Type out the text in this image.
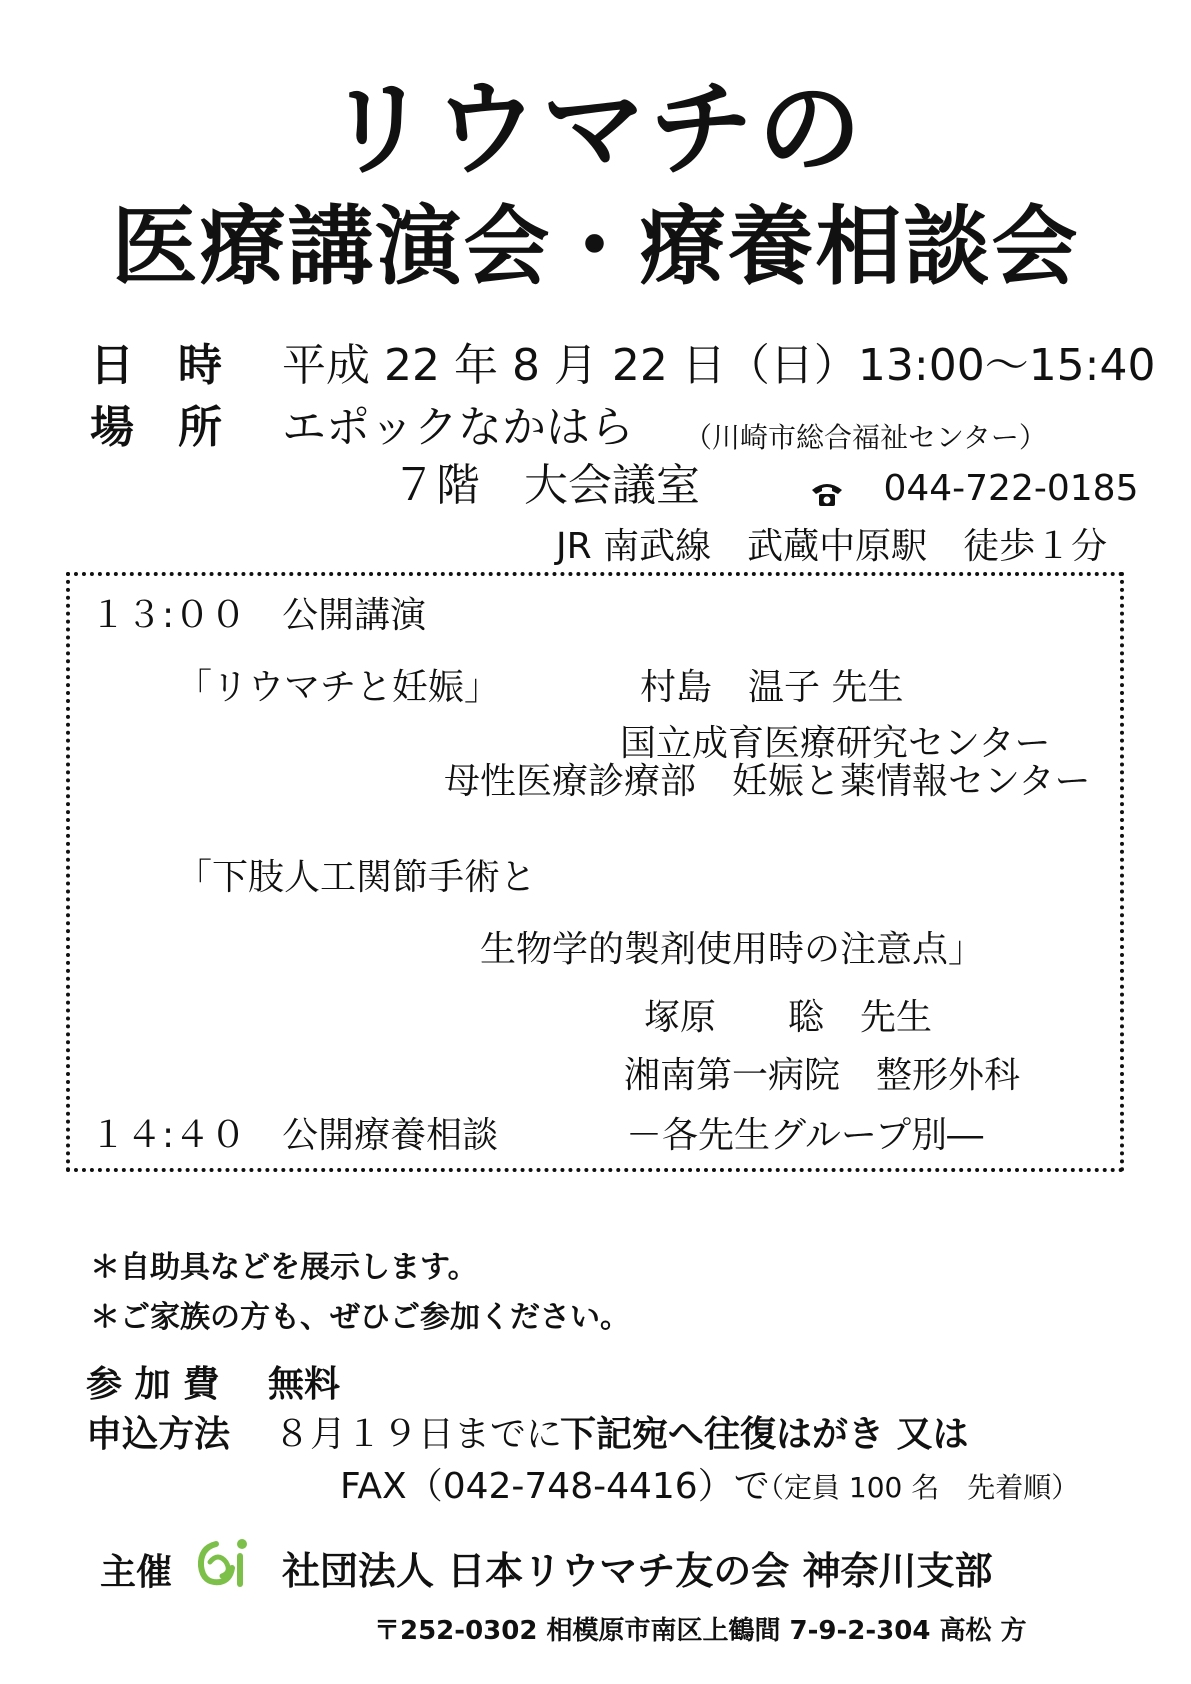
リウマチの
医療講演会・療養相談会
日　時 平成 22 年 8 月 22 日（日）13:00～15:40
場　所 エポックなかはら （川崎市総合福祉センター）
７階　大会議室	044-722-0185
JR 南武線　武蔵中原駅　徒歩１分
１３:００　公開講演
「リウマチと妊娠」	村島　温子 先生
国立成育医療研究センター
母性医療診療部　妊娠と薬情報センター
「下肢人工関節手術と
生物学的製剤使用時の注意点」
塚原　　聡　先生
湘南第一病院　整形外科
１４:４０　公開療養相談	－各先生グループ別―
＊自助具などを展示します。
＊ご家族の方も、ぜひご参加ください。
参 加 費 無料
申込方法 ８月１９日までに
下記宛へ往復はがき 又は
FAX（042-748-4416）で
（定員 100 名　先着順）
主催	社団法人 日本リウマチ友の会 神奈川支部
〒252-0302 相模原市南区上鶴間 7-9-2-304 高松 方
